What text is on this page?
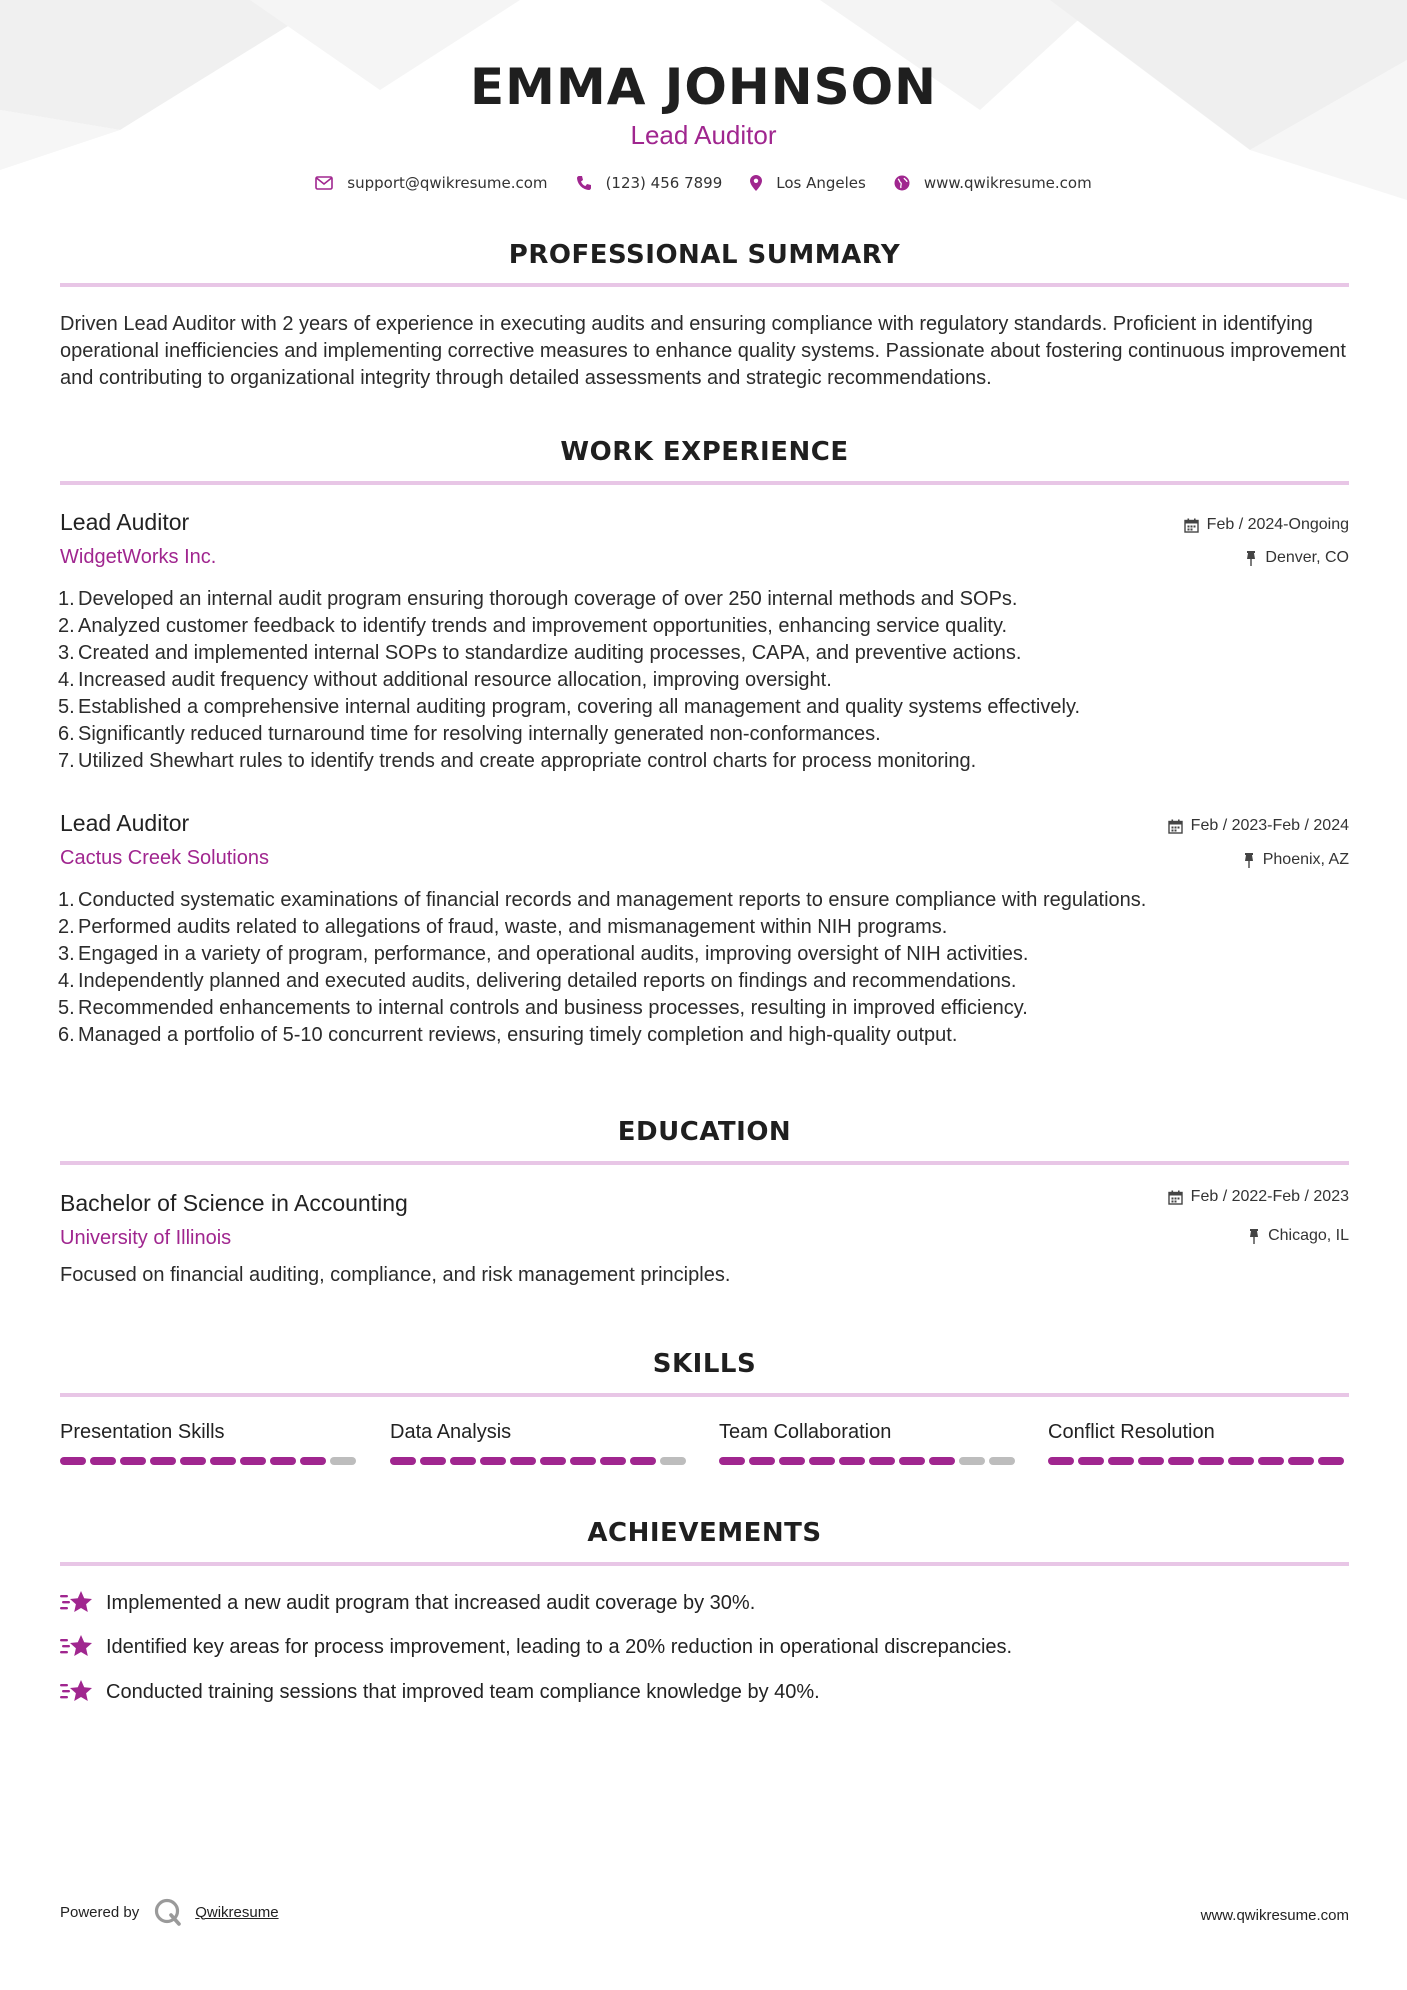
EMMA JOHNSON
Lead Auditor
support@qwikresume.com	(123) 456 7899	Los Angeles	www.qwikresume.com
PROFESSIONAL SUMMARY
Driven Lead Auditor with 2 years of experience in executing audits and ensuring compliance with regulatory standards. Proficient in identifying operational inefficiencies and implementing corrective measures to enhance quality systems. Passionate about fostering continuous improvement and contributing to organizational integrity through detailed assessments and strategic recommendations.
WORK EXPERIENCE
Lead Auditor
WidgetWorks Inc.
Feb / 2024-Ongoing
Denver, CO
1. Developed an internal audit program ensuring thorough coverage of over 250 internal methods and SOPs.
2. Analyzed customer feedback to identify trends and improvement opportunities, enhancing service quality.
3. Created and implemented internal SOPs to standardize auditing processes, CAPA, and preventive actions.
4. Increased audit frequency without additional resource allocation, improving oversight.
5. Established a comprehensive internal auditing program, covering all management and quality systems effectively.
6. Significantly reduced turnaround time for resolving internally generated non-conformances.
7. Utilized Shewhart rules to identify trends and create appropriate control charts for process monitoring.
Lead Auditor
Cactus Creek Solutions
Feb / 2023-Feb / 2024
Phoenix, AZ
1. Conducted systematic examinations of financial records and management reports to ensure compliance with regulations.
2. Performed audits related to allegations of fraud, waste, and mismanagement within NIH programs.
3. Engaged in a variety of program, performance, and operational audits, improving oversight of NIH activities.
4. Independently planned and executed audits, delivering detailed reports on findings and recommendations.
5. Recommended enhancements to internal controls and business processes, resulting in improved efficiency.
6. Managed a portfolio of 5-10 concurrent reviews, ensuring timely completion and high-quality output.
EDUCATION
Bachelor of Science in Accounting
University of Illinois
Feb / 2022-Feb / 2023
Chicago, IL
Focused on financial auditing, compliance, and risk management principles.
SKILLS
Presentation Skills	Data Analysis	Team Collaboration	Conflict Resolution
ACHIEVEMENTS
Implemented a new audit program that increased audit coverage by 30%.
Identified key areas for process improvement, leading to a 20% reduction in operational discrepancies.
Conducted training sessions that improved team compliance knowledge by 40%.
Powered by	Qwikresume	www.qwikresume.com
